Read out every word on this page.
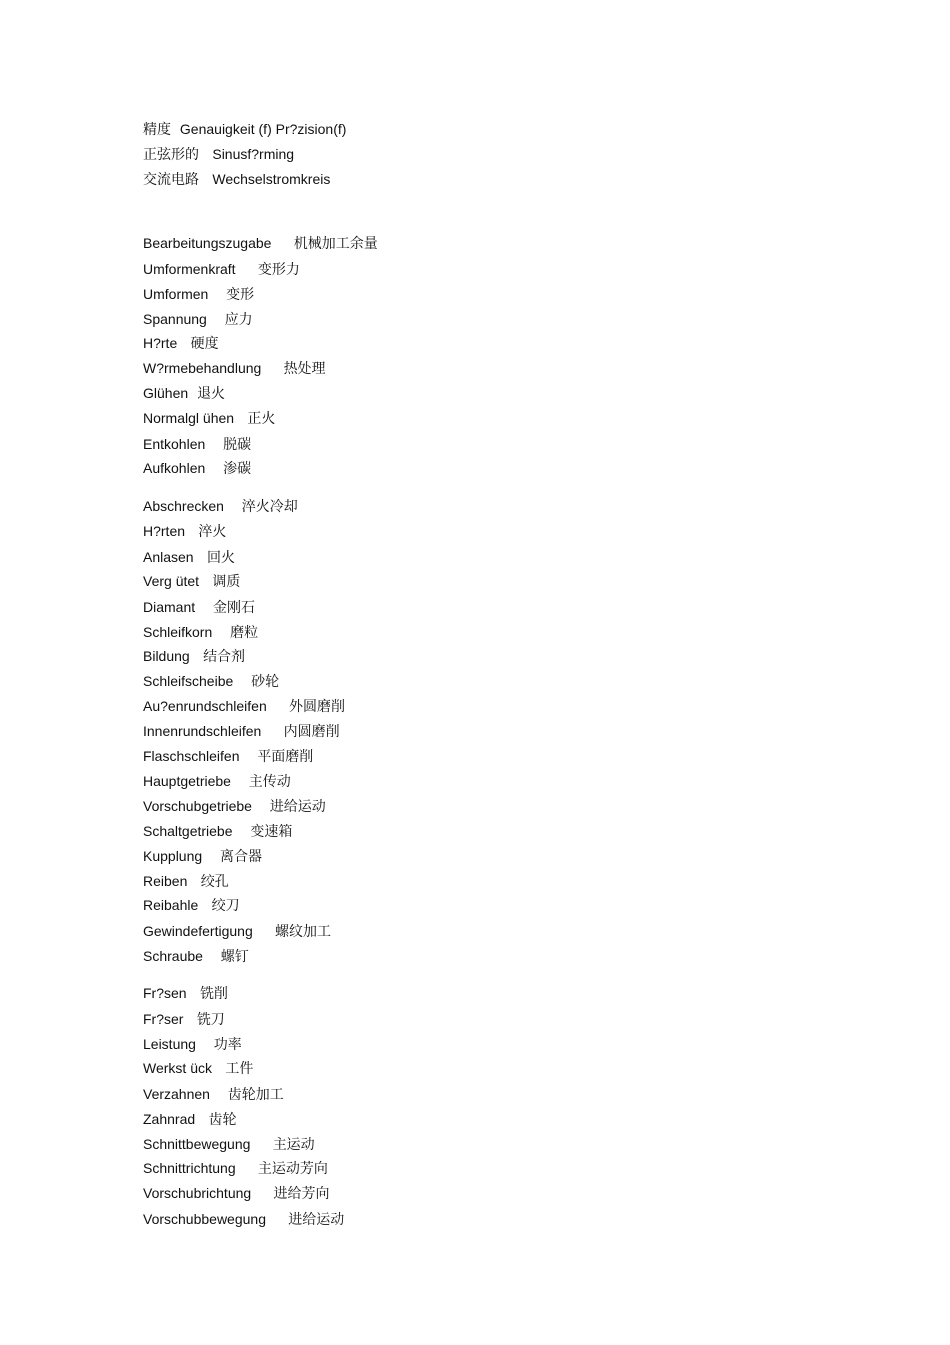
精度 Genauigkeit (f) Pr?zision(f)
正弦形的 Sinusf?rming
交流电路 Wechselstromkreis
Bearbeitungszugabe 机械加工余量
Umformenkraft 变形力
Umformen 变形
Spannung 应力
H?rte 硬度
W?rmebehandlung 热处理
Glühen 退火
Normalgl ühen 正火
Entkohlen 脱碳
Aufkohlen 渗碳
Abschrecken 淬火冷却
H?rten 淬火
Anlasen 回火
Verg ütet 调质
Diamant 金刚石
Schleifkorn 磨粒
Bildung 结合剂
Schleifscheibe 砂轮
Au?enrundschleifen 外圆磨削
Innenrundschleifen 内圆磨削
Flaschschleifen 平面磨削
Hauptgetriebe 主传动
Vorschubgetriebe 进给运动
Schaltgetriebe 变速箱
Kupplung 离合器
Reiben 绞孔
Reibahle 绞刀
Gewindefertigung 螺纹加工
Schraube 螺钉
Fr?sen 铣削
Fr?ser 铣刀
Leistung 功率
Werkst ück 工件
Verzahnen 齿轮加工
Zahnrad 齿轮
Schnittbewegung 主运动
Schnittrichtung 主运动芳向
Vorschubrichtung 进给芳向
Vorschubbewegung 进给运动
